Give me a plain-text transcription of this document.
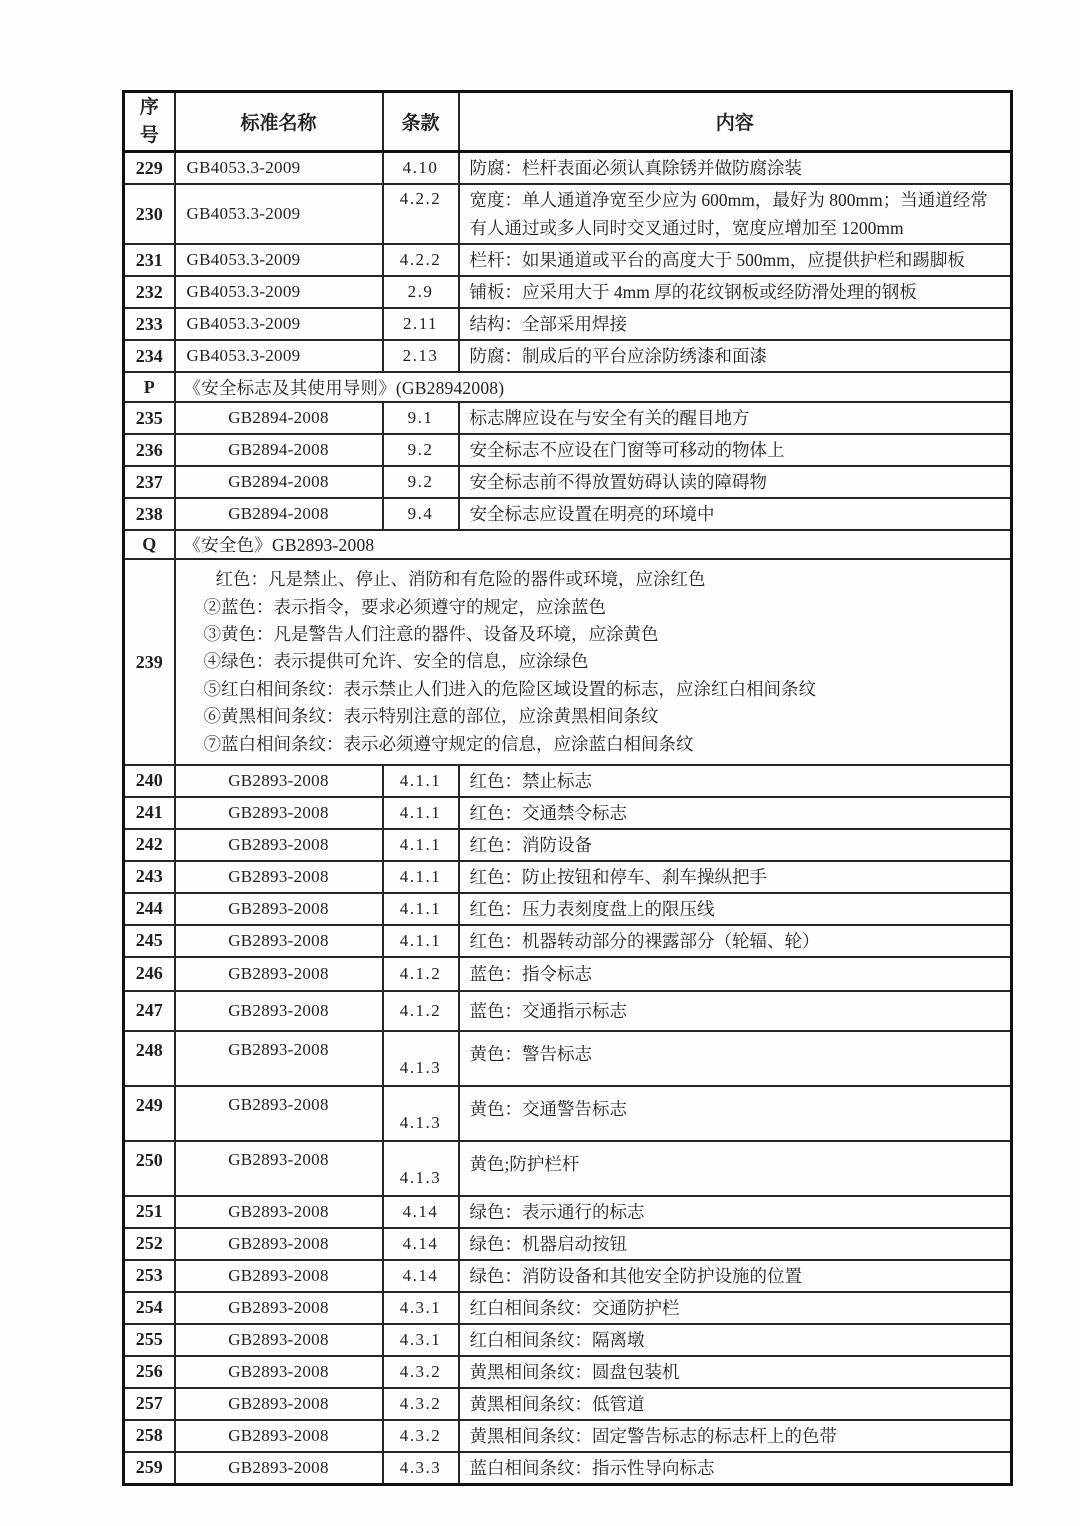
序号	标准名称	条款	内容
229	GB4053.3-2009	4.10	防腐：栏杆表面必须认真除锈并做防腐涂装
230	GB4053.3-2009	4.2.2	宽度：单人通道净宽至少应为 600mm，最好为 800mm；当通道经常有人通过或多人同时交叉通过时，宽度应增加至 1200mm
231	GB4053.3-2009	4.2.2	栏杆：如果通道或平台的高度大于 500mm，应提供护栏和踢脚板
232	GB4053.3-2009	2.9	铺板：应采用大于 4mm 厚的花纹钢板或经防滑处理的钢板
233	GB4053.3-2009	2.11	结构：全部采用焊接
234	GB4053.3-2009	2.13	防腐：制成后的平台应涂防绣漆和面漆
P	《安全标志及其使用导则》(GB28942008)		
235	GB2894-2008	9.1	标志牌应设在与安全有关的醒目地方
236	GB2894-2008	9.2	安全标志不应设在门窗等可移动的物体上
237	GB2894-2008	9.2	安全标志前不得放置妨碍认读的障碍物
238	GB2894-2008	9.4	安全标志应设置在明亮的环境中
Q	《安全色》GB2893-2008		
239	
红色：凡是禁止、停止、消防和有危险的器件或环境，应涂红色
②蓝色：表示指令，要求必须遵守的规定，应涂蓝色
③黄色：凡是警告人们注意的器件、设备及环境，应涂黄色
④绿色：表示提供可允许、安全的信息，应涂绿色
⑤红白相间条纹：表示禁止人们进入的危险区域设置的标志，应涂红白相间条纹
⑥黄黑相间条纹：表示特别注意的部位，应涂黄黑相间条纹
⑦蓝白相间条纹：表示必须遵守规定的信息，应涂蓝白相间条纹

240	GB2893-2008	4.1.1	红色：禁止标志
241	GB2893-2008	4.1.1	红色：交通禁令标志
242	GB2893-2008	4.1.1	红色：消防设备
243	GB2893-2008	4.1.1	红色：防止按钮和停车、刹车操纵把手
244	GB2893-2008	4.1.1	红色：压力表刻度盘上的限压线
245	GB2893-2008	4.1.1	红色：机器转动部分的裸露部分（轮辐、轮）
246	GB2893-2008	4.1.2	蓝色：指令标志
247	GB2893-2008	4.1.2	蓝色：交通指示标志
248	GB2893-2008	4.1.3	黄色：警告标志
249	GB2893-2008	4.1.3	黄色：交通警告标志
250	GB2893-2008	4.1.3	黄色;防护栏杆
251	GB2893-2008	4.14	绿色：表示通行的标志
252	GB2893-2008	4.14	绿色：机器启动按钮
253	GB2893-2008	4.14	绿色：消防设备和其他安全防护设施的位置
254	GB2893-2008	4.3.1	红白相间条纹：交通防护栏
255	GB2893-2008	4.3.1	红白相间条纹：隔离墩
256	GB2893-2008	4.3.2	黄黑相间条纹：圆盘包装机
257	GB2893-2008	4.3.2	黄黑相间条纹：低管道
258	GB2893-2008	4.3.2	黄黑相间条纹：固定警告标志的标志杆上的色带
259	GB2893-2008	4.3.3	蓝白相间条纹：指示性导向标志
